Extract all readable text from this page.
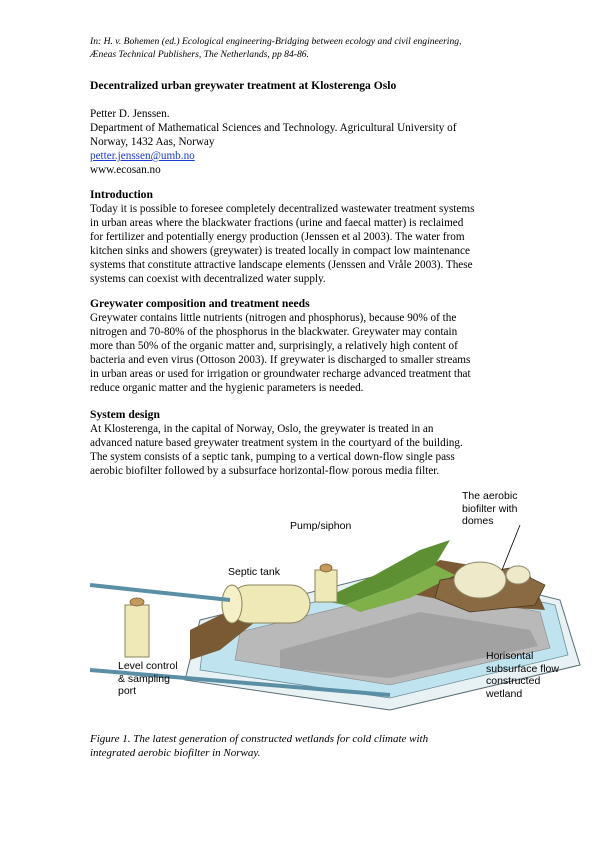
In: H. v. Bohemen (ed.) Ecological engineering-Bridging between ecology and civil engineering,
Æneas Technical Publishers, The Netherlands, pp 84-86.
Decentralized urban greywater treatment at Klosterenga Oslo
Petter D. Jenssen.
Department of Mathematical Sciences and Technology. Agricultural University of
Norway, 1432 Aas, Norway
petter.jenssen@umb.no
www.ecosan.no
Introduction

Today it is possible to foresee completely decentralized wastewater treatment systems

in urban areas where the blackwater fractions (urine and faecal matter) is reclaimed

for fertilizer and potentially energy production (Jenssen et al 2003). The water from

kitchen sinks and showers (greywater) is treated locally in compact low maintenance

systems that constitute attractive landscape elements (Jenssen and Vråle 2003). These

systems can coexist with decentralized water supply.

Greywater composition and treatment needs

Greywater contains little nutrients (nitrogen and phosphorus), because 90% of the

nitrogen and 70-80% of the phosphorus in the blackwater. Greywater may contain

more than 50% of the organic matter and, surprisingly, a relatively high content of

bacteria and even virus (Ottoson 2003). If greywater is discharged to smaller streams

in urban areas or used for irrigation or groundwater recharge advanced treatment that

reduce organic matter and the hygienic parameters is needed.

System design

At Klosterenga, in the capital of Norway, Oslo, the greywater is treated in an

advanced nature based greywater treatment system in the courtyard of the building.

The system consists of a septic tank, pumping to a vertical down-flow single pass

aerobic biofilter followed by a subsurface horizontal-flow porous media filter.

Pump/siphon
Septic tank
The aerobic
biofilter with
domes
Level control
& sampling
port
Horisontal
subsurface flow
constructed
wetland
Figure 1. The latest generation of constructed wetlands for cold climate with
integrated aerobic biofilter in Norway.
